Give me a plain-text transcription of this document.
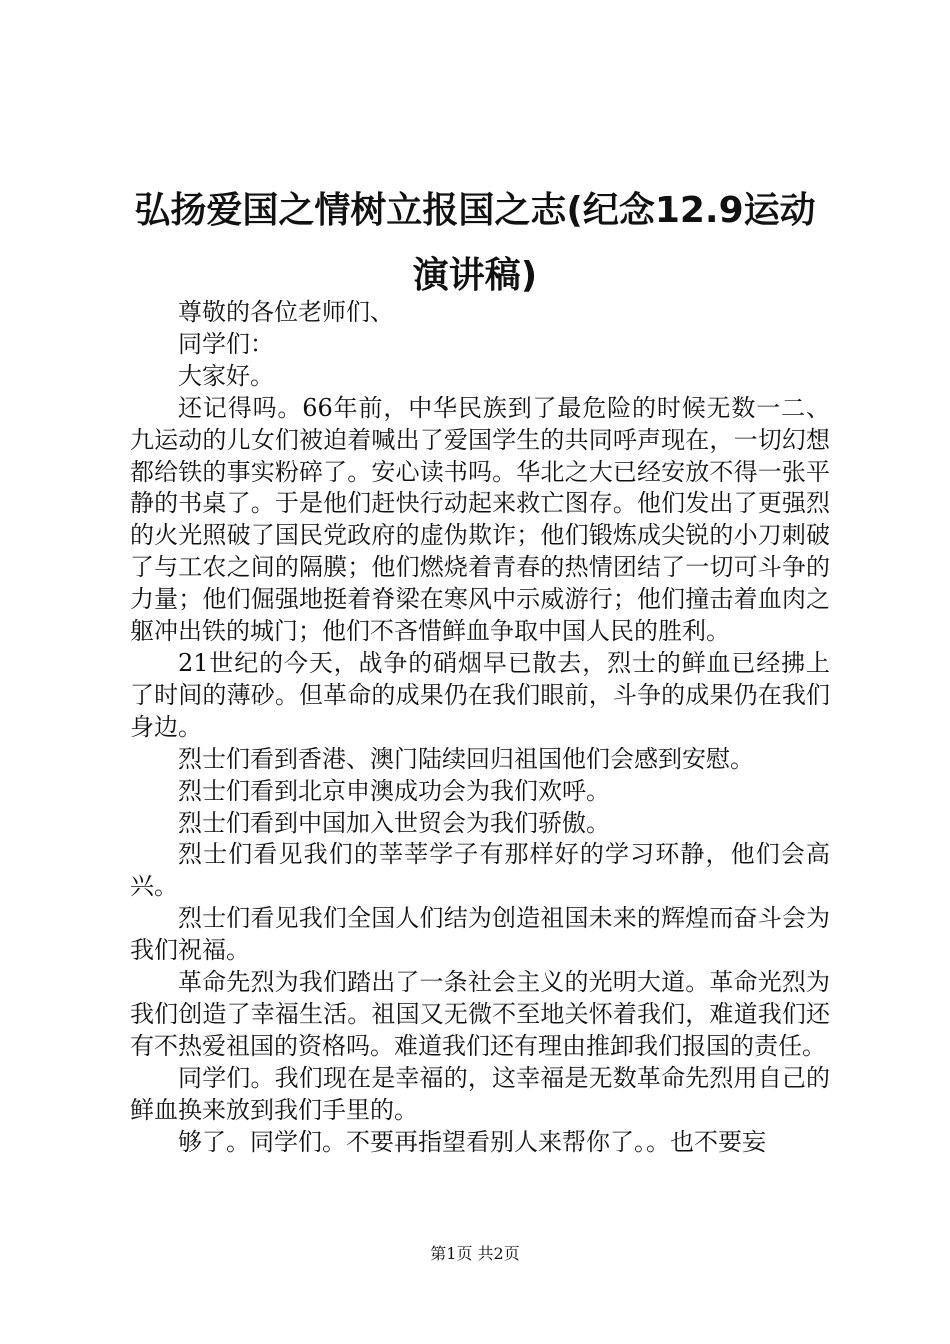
弘扬爱国之情树立报国之志(纪念12.9运动演讲稿)

尊敬的各位老师们、

同学们：

大家好。

还记得吗。66年前，中华民族到了最危险的时候无数一二、九运动的儿女们被迫着喊出了爱国学生的共同呼声现在，一切幻想都给铁的事实粉碎了。安心读书吗。华北之大已经安放不得一张平静的书桌了。于是他们赶快行动起来救亡图存。他们发出了更强烈的火光照破了国民党政府的虚伪欺诈；他们锻炼成尖锐的小刀刺破了与工农之间的隔膜；他们燃烧着青春的热情团结了一切可斗争的力量；他们倔强地挺着脊梁在寒风中示威游行；他们撞击着血肉之躯冲出铁的城门；他们不吝惜鲜血争取中国人民的胜利。

21世纪的今天，战争的硝烟早已散去，烈士的鲜血已经拂上了时间的薄砂。但革命的成果仍在我们眼前，斗争的成果仍在我们身边。

烈士们看到香港、澳门陆续回归祖国他们会感到安慰。

烈士们看到北京申澳成功会为我们欢呼。

烈士们看到中国加入世贸会为我们骄傲。

烈士们看见我们的莘莘学子有那样好的学习环静，他们会高兴。

烈士们看见我们全国人们结为创造祖国未来的辉煌而奋斗会为我们祝福。

革命先烈为我们踏出了一条社会主义的光明大道。革命光烈为我们创造了幸福生活。祖国又无微不至地关怀着我们，难道我们还有不热爱祖国的资格吗。难道我们还有理由推卸我们报国的责任。

同学们。我们现在是幸福的，这幸福是无数革命先烈用自己的鲜血换来放到我们手里的。

够了。同学们。不要再指望看别人来帮你了。。也不要妄

第1页 共2页
